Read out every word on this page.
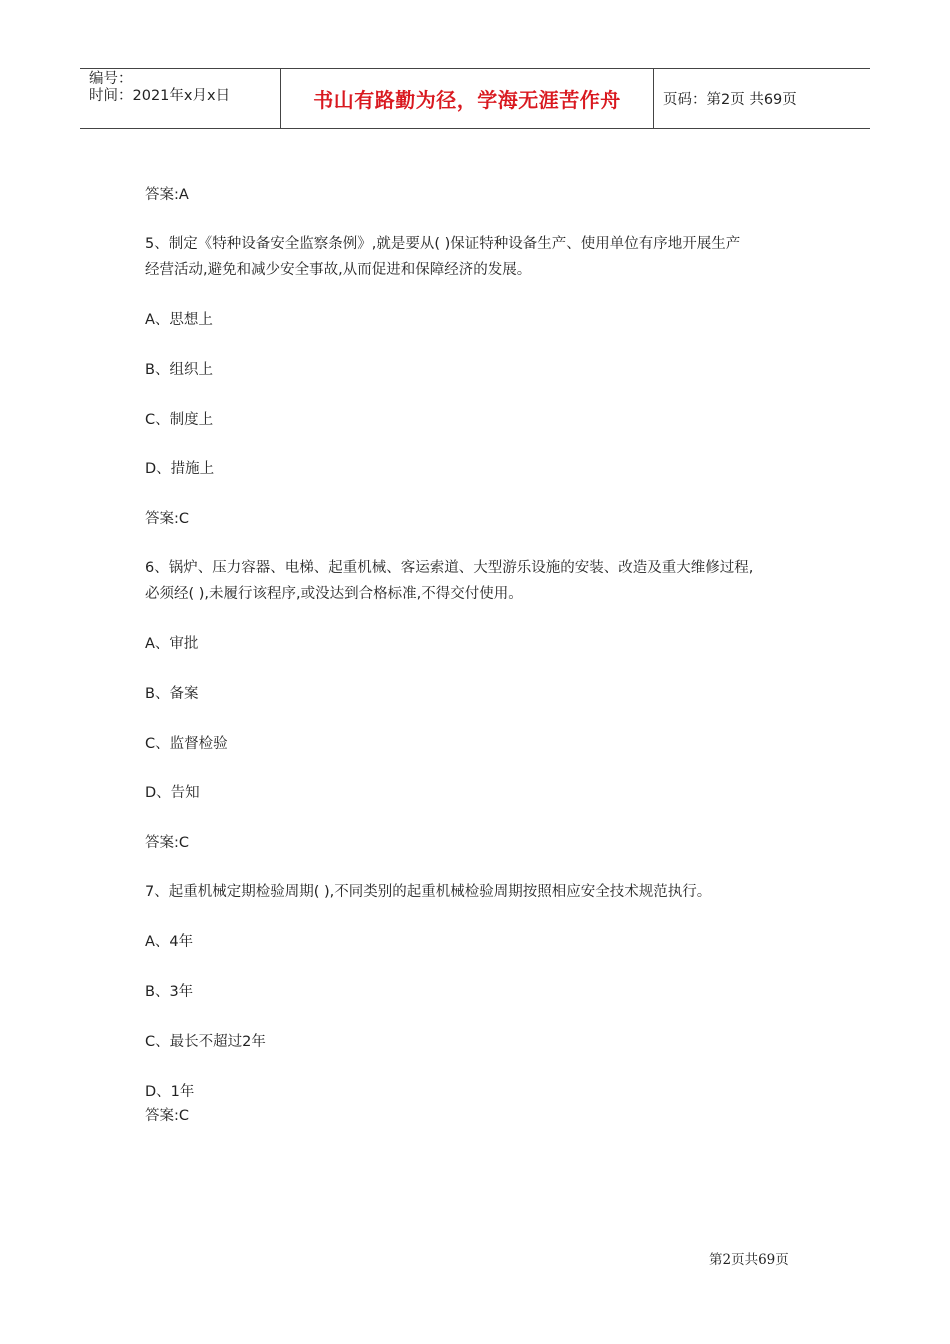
编号：
时间：2021年x月x日	书山有路勤为径，学海无涯苦作舟	页码：第2页 共69页
答案:A
5、制定《特种设备安全监察条例》,就是要从( )保证特种设备生产、使用单位有序地开展生产
经营活动,避免和减少安全事故,从而促进和保障经济的发展。
A、思想上
B、组织上
C、制度上
D、措施上
答案:C
6、锅炉、压力容器、电梯、起重机械、客运索道、大型游乐设施的安装、改造及重大维修过程,
必须经( ),未履行该程序,或没达到合格标准,不得交付使用。
A、审批
B、备案
C、监督检验
D、告知
答案:C
7、起重机械定期检验周期( ),不同类别的起重机械检验周期按照相应安全技术规范执行。
A、4年
B、3年
C、最长不超过2年
D、1年
答案:C
第2页共69页
